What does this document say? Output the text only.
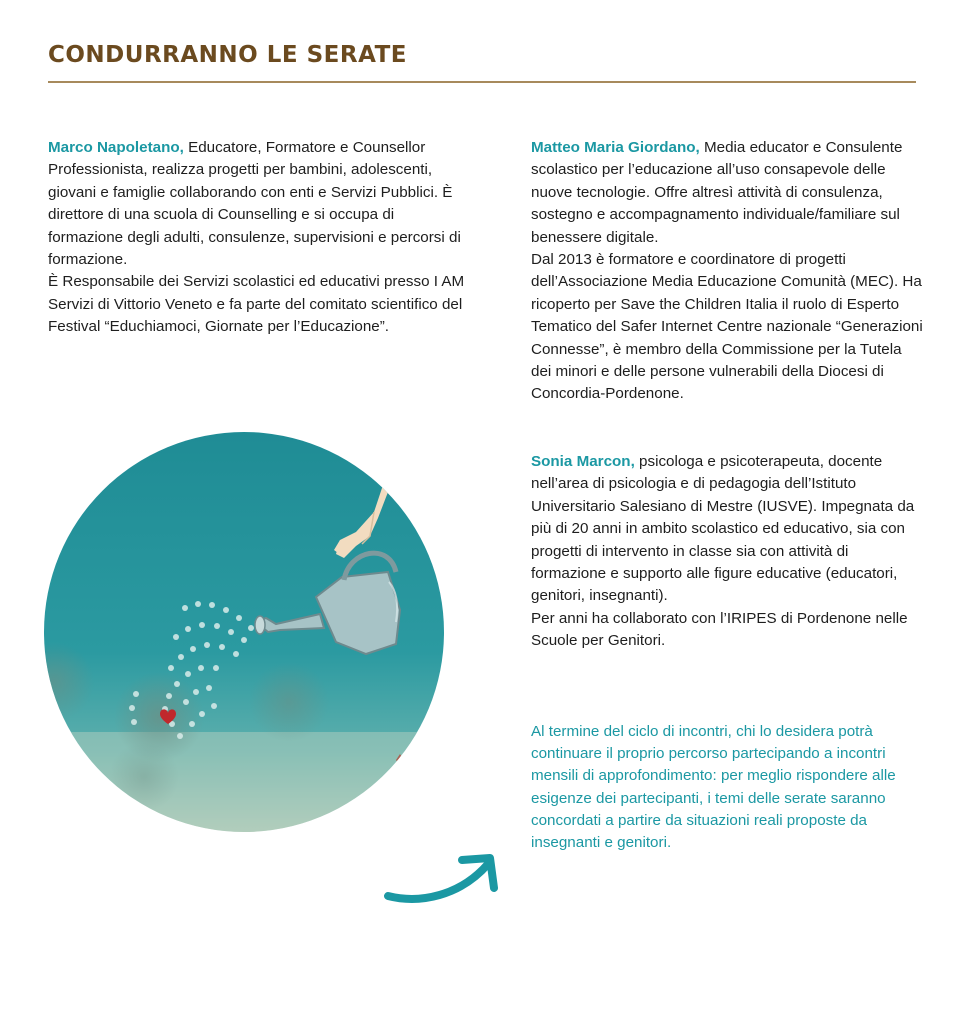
CONDURRANNO LE SERATE

Marco Napoletano, Educatore, Formatore e Counsellor Professionista, realizza progetti per bambini, adolescenti, giovani e famiglie collaborando con enti e Servizi Pubblici. È direttore di una scuola di Counselling e si occupa di formazione degli adulti, consulenze, supervisioni e percorsi di formazione.

È Responsabile dei Servizi scolastici ed educativi presso I AM Servizi di Vittorio Veneto e fa parte del comitato scientifico del Festival “Educhiamoci, Giornate per l’Educazione”.

Matteo Maria Giordano, Media educator e Consulente scolastico per l’educazione all’uso consapevole delle nuove tecnologie. Offre altresì attività di consulenza, sostegno e accompagnamento individuale/familiare sul benessere digitale.

Dal 2013 è formatore e coordinatore di progetti dell’Associazione Media Educazione Comunità (MEC). Ha ricoperto per Save the Children Italia il ruolo di Esperto Tematico del Safer Internet Centre nazionale “Generazioni Connesse”, è membro della Commissione per la Tutela dei minori e delle persone vulnerabili della Diocesi di Concordia-Pordenone.

Sonia Marcon, psicologa e psicoterapeuta, docente nell’area di psicologia e di pedagogia dell’Istituto Universitario Salesiano di Mestre (IUSVE). Impegnata da più di 20 anni in ambito scolastico ed educativo, sia con progetti di intervento in classe sia con attività di formazione e supporto alle figure educative (educatori, genitori, insegnanti).

Per anni ha collaborato con l’IRIPES di Pordenone nelle Scuole per Genitori.

Al termine del ciclo di incontri, chi lo desidera potrà continuare il proprio percorso partecipando a incontri mensili di approfondimento: per meglio rispondere alle esigenze dei partecipanti, i temi delle serate saranno concordati a partire da situazioni reali proposte da insegnanti e genitori.
